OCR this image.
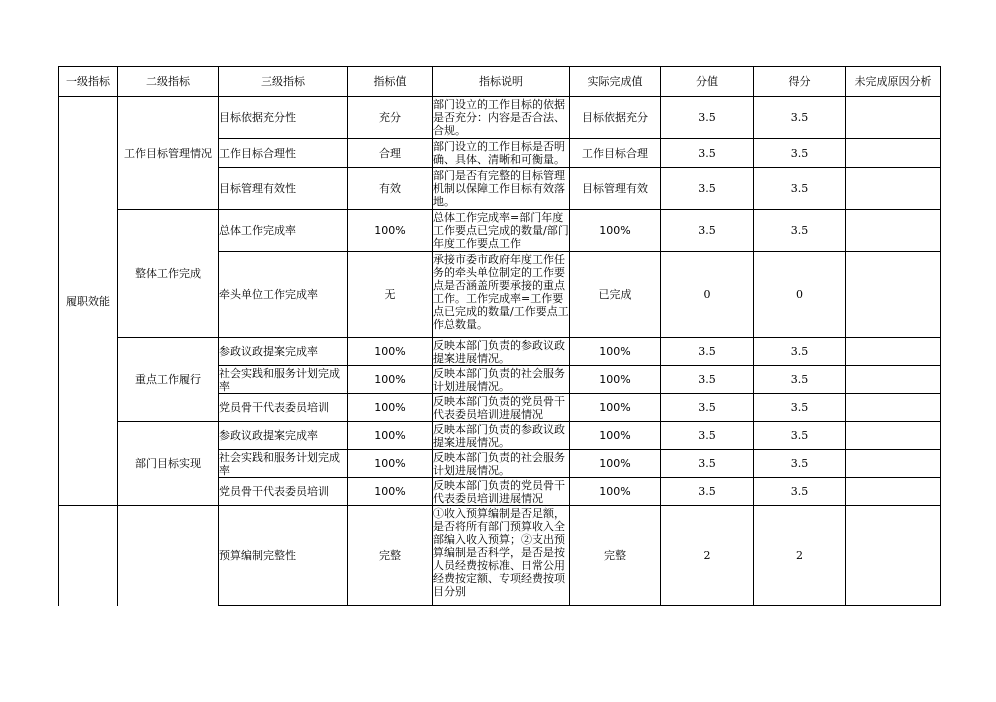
一级指标	二级指标	三级指标	指标值	指标说明	实际完成值	分值	得分	未完成原因分析
履职效能	工作目标管理情况	目标依据充分性	充分	部门设立的工作目标的依据是否充分：内容是否合法、合规。	目标依据充分	3.5	3.5	
		工作目标合理性	合理	部门设立的工作目标是否明确、具体、清晰和可衡量。	工作目标合理	3.5	3.5	
		目标管理有效性	有效	部门是否有完整的目标管理机制以保障工作目标有效落地。	目标管理有效	3.5	3.5	
	整体工作完成	总体工作完成率	100%	总体工作完成率=部门年度工作要点已完成的数量/部门年度工作要点工作	100%	3.5	3.5	
		牵头单位工作完成率	无	承接市委市政府年度工作任务的牵头单位制定的工作要点是否涵盖所要承接的重点工作。工作完成率=工作要点已完成的数量/工作要点工作总数量。	已完成	0	0	
	重点工作履行	参政议政提案完成率	100%	反映本部门负责的参政议政提案进展情况。	100%	3.5	3.5	
		社会实践和服务计划完成率	100%	反映本部门负责的社会服务计划进展情况。	100%	3.5	3.5	
		党员骨干代表委员培训	100%	反映本部门负责的党员骨干代表委员培训进展情况	100%	3.5	3.5	
	部门目标实现	参政议政提案完成率	100%	反映本部门负责的参政议政提案进展情况。	100%	3.5	3.5	
		社会实践和服务计划完成率	100%	反映本部门负责的社会服务计划进展情况。	100%	3.5	3.5	
		党员骨干代表委员培训	100%	反映本部门负责的党员骨干代表委员培训进展情况	100%	3.5	3.5	
		预算编制完整性	完整	①收入预算编制是否足额，是否将所有部门预算收入全部编入收入预算；②支出预算编制是否科学，是否是按人员经费按标准、日常公用经费按定额、专项经费按项目分别	完整	2	2	
